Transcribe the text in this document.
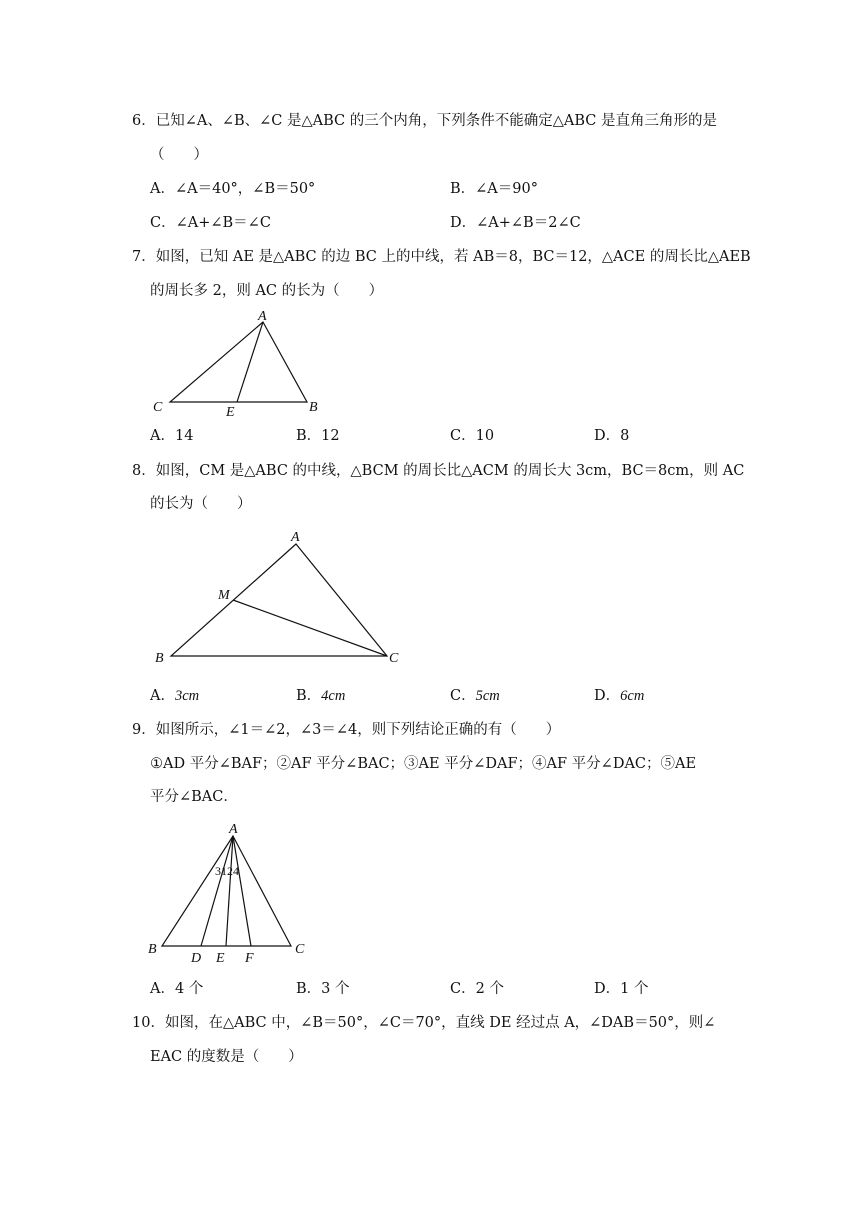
6．已知∠A、∠B、∠C 是△ABC 的三个内角，下列条件不能确定△ABC 是直角三角形的是
（　　）
A．∠A＝40°，∠B＝50°	B．∠A＝90°
C．∠A+∠B＝∠C	D．∠A+∠B＝2∠C
7．如图，已知 AE 是△ABC 的边 BC 上的中线，若 AB＝8，BC＝12，△ACE 的周长比△AEB
的周长多 2，则 AC 的长为（　　）
A
C	E	B
A．14	B．12	C．10	D．8
8．如图，CM 是△ABC 的中线，△BCM 的周长比△ACM 的周长大 3cm，BC＝8cm，则 AC
的长为（　　）
A
M
B	C
A．3cm	B．4cm	C．5cm	D．6cm
9．如图所示，∠1＝∠2，∠3＝∠4，则下列结论正确的有（　　）
①AD 平分∠BAF；②AF 平分∠BAC；③AE 平分∠DAF；④AF 平分∠DAC；⑤AE
平分∠BAC．
A
3124
B
D E F
C
A．4 个	B．3 个	C．2 个	D．1 个
10．如图，在△ABC 中，∠B＝50°，∠C＝70°，直线 DE 经过点 A，∠DAB＝50°，则∠
EAC 的度数是（　　）
